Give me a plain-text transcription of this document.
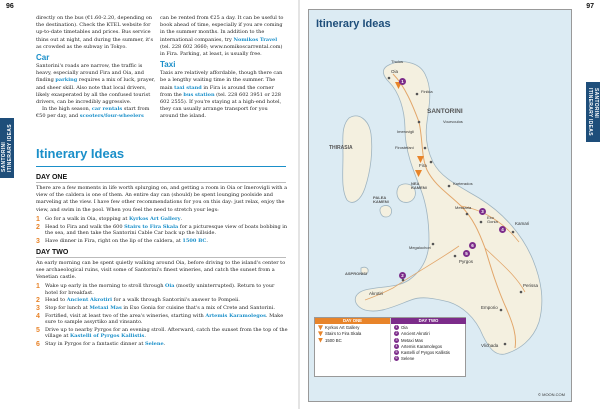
96
SANTORINI
ITINERARY IDEAS

directly on the bus (€1.60-2.20, depending on the destination). Check the KTEL website for up-to-date timetables and prices. Bus service thins out at night, and during the summer, it's as crowded as the subway in Tokyo.

Car

Santorini's roads are narrow, the traffic is heavy, especially around Fira and Oia, and finding parking requires a mix of luck, prayer, and sheer skill. Also note that local drivers, likely exasperated by all the confused tourist drivers, can be incredibly aggressive.

In the high season, car rentals start from €50 per day, and scooters/four-wheelers

can be rented from €25 a day. It can be useful to book ahead of time, especially if you are coming in the summer months. In addition to the international companies, try Nomikos Travel (tel. 228 602 3660; www.nomikoscarrental.com) in Fira. Parking, at least, is usually free.

Taxi

Taxis are relatively affordable, though there can be a lengthy waiting time in the summer. The main taxi stand in Fira is around the corner from the bus station (tel. 228 602 3951 or 228 602 2555). If you're staying at a high-end hotel, they can usually arrange transport for you around the island.

Itinerary Ideas
DAY ONE

There are a few moments in life worth splurging on, and getting a room in Oia or Imerovigli with a view of the caldera is one of them. An entire day can (should) be spent lounging poolside and marveling at the view. I have few other recommendations for you on this day: just relax, enjoy the view, and swim in the pool. When you feel the need to stretch your legs:

1	Go for a walk in Oia, stopping at Kyrkos Art Gallery.
2	Head to Fira and walk the 600 Stairs to Fira Skala for a picturesque view of boats bobbing in the sea, and then take the Santorini Cable Car back up the hillside.
3	Have dinner in Fira, right on the lip of the caldera, at 1500 BC.
DAY TWO

An early morning can be spent quietly walking around Oia, before driving to the island's center to see archaeological ruins, visit some of Santorini's finest wineries, and catch the sunset from a Venetian castle.

1	Wake up early in the morning to stroll through Oia (mostly uninterrupted). Return to your hotel for breakfast.
2	Head to Ancient Akrotiri for a walk through Santorini's answer to Pompeii.
3	Stop for lunch at Metaxi Mas in Exo Gonia for cuisine that's a mix of Crete and Santorini.
4	Fortified, visit at least two of the area's wineries, starting with Artemis Karamolegos. Make sure to sample assyrtiko and vinsanto.
5	Drive up to nearby Pyrgos for an evening stroll. Afterward, catch the sunset from the top of the village at Kastelli of Pyrgos Kallistis.
6	Stay in Pyrgos for a fantastic dinner at Selene.
97
SANTORINI
ITINERARY IDEAS
Itinerary Ideas
SANTORINI
THIRASIA
NEA
KAMENI
PALEA
KAMENI
ASPRONISI
Oia
Tholos
Finikia
Imerovigli
Vourvoulos
Firostefani
Fira
Karterados
Messaria
Exo
Gonia	Kamari
Megalochori
Pyrgos
Akrotiri
Perissa
Emporio
Vlichada
1
2
3
4
5
6
DAY ONE
Kyrkos Art Gallery
Stairs to Fira Skala
1500 BC
DAY TWO
1 Oia
2 Ancient Akrotiri
3 Metaxi Mas
4 Artemis Karamolegos
5 Kastelli of Pyrgos Kallistis
6 Selene
© MOON.COM
